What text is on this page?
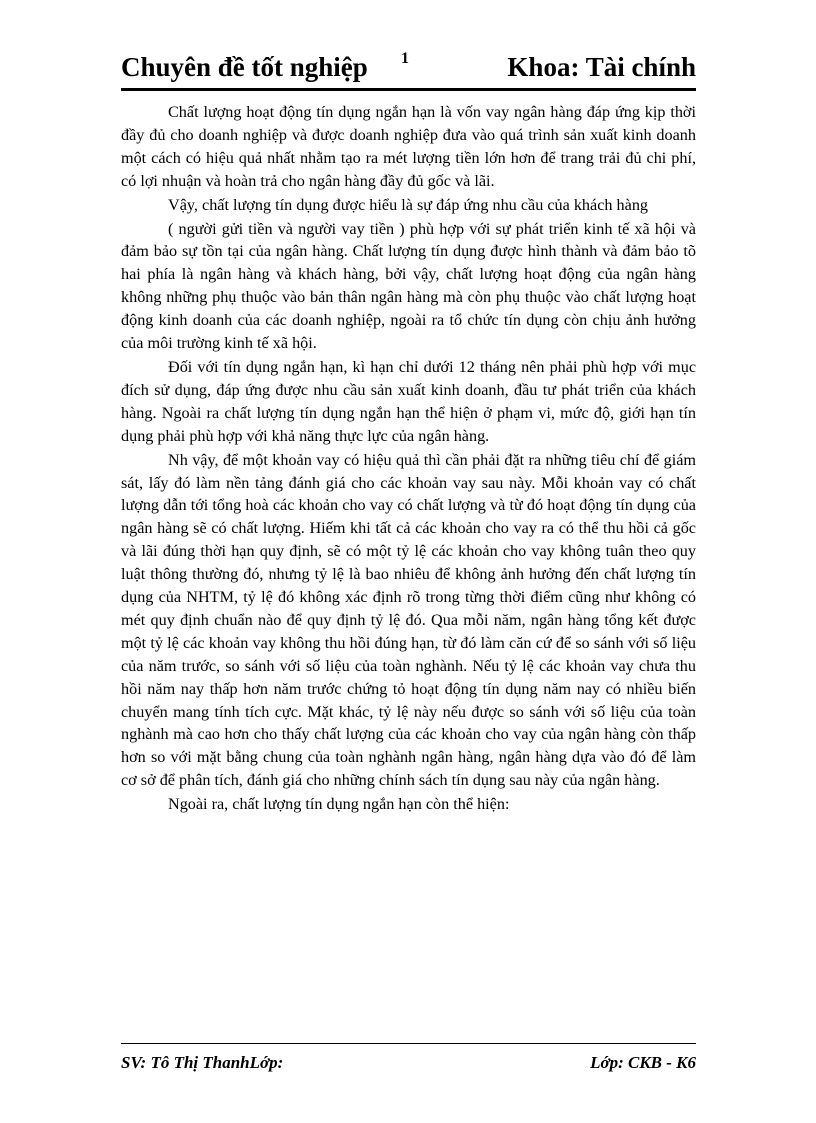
Chuyên đề tốt nghiệp 1	Khoa: Tài chính

Chất lượng hoạt động tín dụng ngắn hạn là vốn vay ngân hàng đáp ứng kịp thời đầy đủ cho doanh nghiệp và được doanh nghiệp đưa vào quá trình sản xuất kinh doanh một cách có hiệu quả nhất nhằm tạo ra mét lượng tiền lớn hơn để trang trải đủ chi phí, có lợi nhuận và hoàn trả cho ngân hàng đầy đủ gốc và lãi.

Vậy, chất lượng tín dụng được hiểu là sự đáp ứng nhu cầu của khách hàng

( người gửi tiền và người vay tiền ) phù hợp với sự phát triển kinh tế xã hội và đảm bảo sự tồn tại của ngân hàng. Chất lượng tín dụng được hình thành và đảm bảo tõ hai phía là ngân hàng và khách hàng, bởi vậy, chất lượng hoạt động của ngân hàng không những phụ thuộc vào bản thân ngân hàng mà còn phụ thuộc vào chất lượng hoạt động kinh doanh của các doanh nghiệp, ngoài ra tổ chức tín dụng còn chịu ảnh hưởng của môi trường kinh tế xã hội.

Đối với tín dụng ngắn hạn, kì hạn chỉ dưới 12 tháng nên phải phù hợp với mục đích sử dụng, đáp ứng được nhu cầu sản xuất kinh doanh, đầu tư phát triển của khách hàng. Ngoài ra chất lượng tín dụng ngắn hạn thể hiện ở phạm vi, mức độ, giới hạn tín dụng phải phù hợp với khả năng thực lực của ngân hàng.

Nh vậy, để một khoản vay có hiệu quả thì cần phải đặt ra những tiêu chí để giám sát, lấy đó làm nền tảng đánh giá cho các khoản vay sau này. Mỗi khoản vay có chất lượng dẫn tới tổng hoà các khoản cho vay có chất lượng và từ đó hoạt động tín dụng của ngân hàng sẽ có chất lượng. Hiếm khi tất cả các khoản cho vay ra có thể thu hồi cả gốc và lãi đúng thời hạn quy định, sẽ có một tỷ lệ các khoản cho vay không tuân theo quy luật thông thường đó, nhưng tỷ lệ là bao nhiêu để không ảnh hưởng đến chất lượng tín dụng của NHTM, tỷ lệ đó không xác định rõ trong từng thời điểm cũng như không có mét quy định chuẩn nào để quy định tỷ lệ đó. Qua mỗi năm, ngân hàng tổng kết được một tỷ lệ các khoản vay không thu hồi đúng hạn, từ đó làm căn cứ để so sánh với số liệu của năm trước, so sánh với số liệu của toàn nghành. Nếu tỷ lệ các khoản vay chưa thu hồi năm nay thấp hơn năm trước chứng tỏ hoạt động tín dụng năm nay có nhiều biến chuyển mang tính tích cực. Mặt khác, tỷ lệ này nếu được so sánh với số liệu của toàn nghành mà cao hơn cho thấy chất lượng của các khoản cho vay của ngân hàng còn thấp hơn so với mặt bằng chung của toàn nghành ngân hàng, ngân hàng dựa vào đó để làm cơ sở để phân tích, đánh giá cho những chính sách tín dụng sau này của ngân hàng.

Ngoài ra, chất lượng tín dụng ngắn hạn còn thể hiện:

SV: Tô Thị ThanhLớp:	Lớp: CKB - K6
